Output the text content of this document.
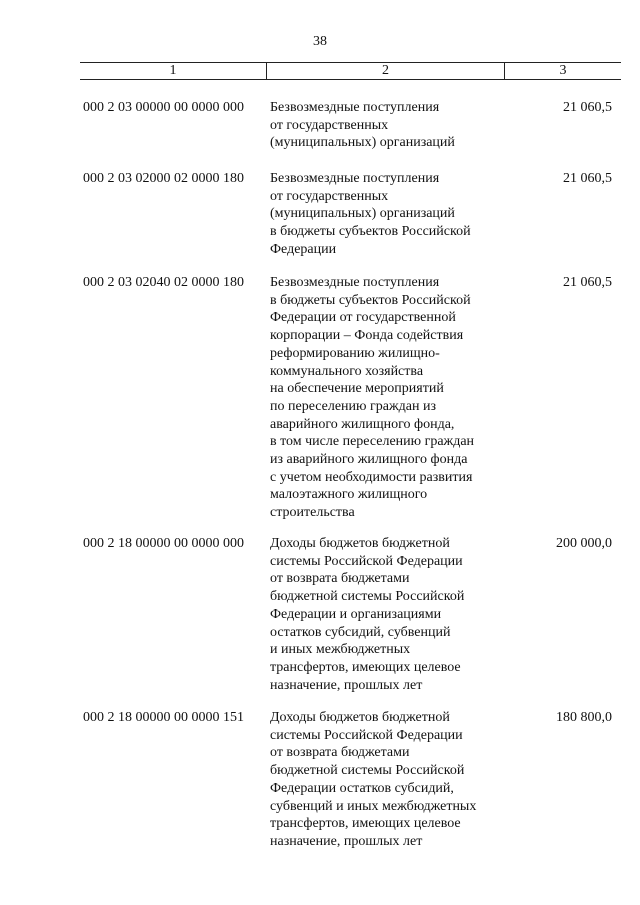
38
1	2	3
000 2 03 00000 00 0000 000	Безвозмездные поступления
от государственных
(муниципальных) организаций
21 060,5
000 2 03 02000 02 0000 180	Безвозмездные поступления
от государственных
(муниципальных) организаций
в бюджеты субъектов Российской
Федерации
21 060,5
000 2 03 02040 02 0000 180	Безвозмездные поступления
в бюджеты субъектов Российской
Федерации от государственной
корпорации – Фонда содействия
реформированию жилищно-
коммунального хозяйства
на обеспечение мероприятий
по переселению граждан из
аварийного жилищного фонда,
в том числе переселению граждан
из аварийного жилищного фонда
с учетом необходимости развития
малоэтажного жилищного
строительства
21 060,5
000 2 18 00000 00 0000 000	Доходы бюджетов бюджетной
системы Российской Федерации
от возврата бюджетами
бюджетной системы Российской
Федерации и организациями
остатков субсидий, субвенций
и иных межбюджетных
трансфертов, имеющих целевое
назначение, прошлых лет
200 000,0
000 2 18 00000 00 0000 151	Доходы бюджетов бюджетной
системы Российской Федерации
от возврата бюджетами
бюджетной системы Российской
Федерации остатков субсидий,
субвенций и иных межбюджетных
трансфертов, имеющих целевое
назначение, прошлых лет
180 800,0
